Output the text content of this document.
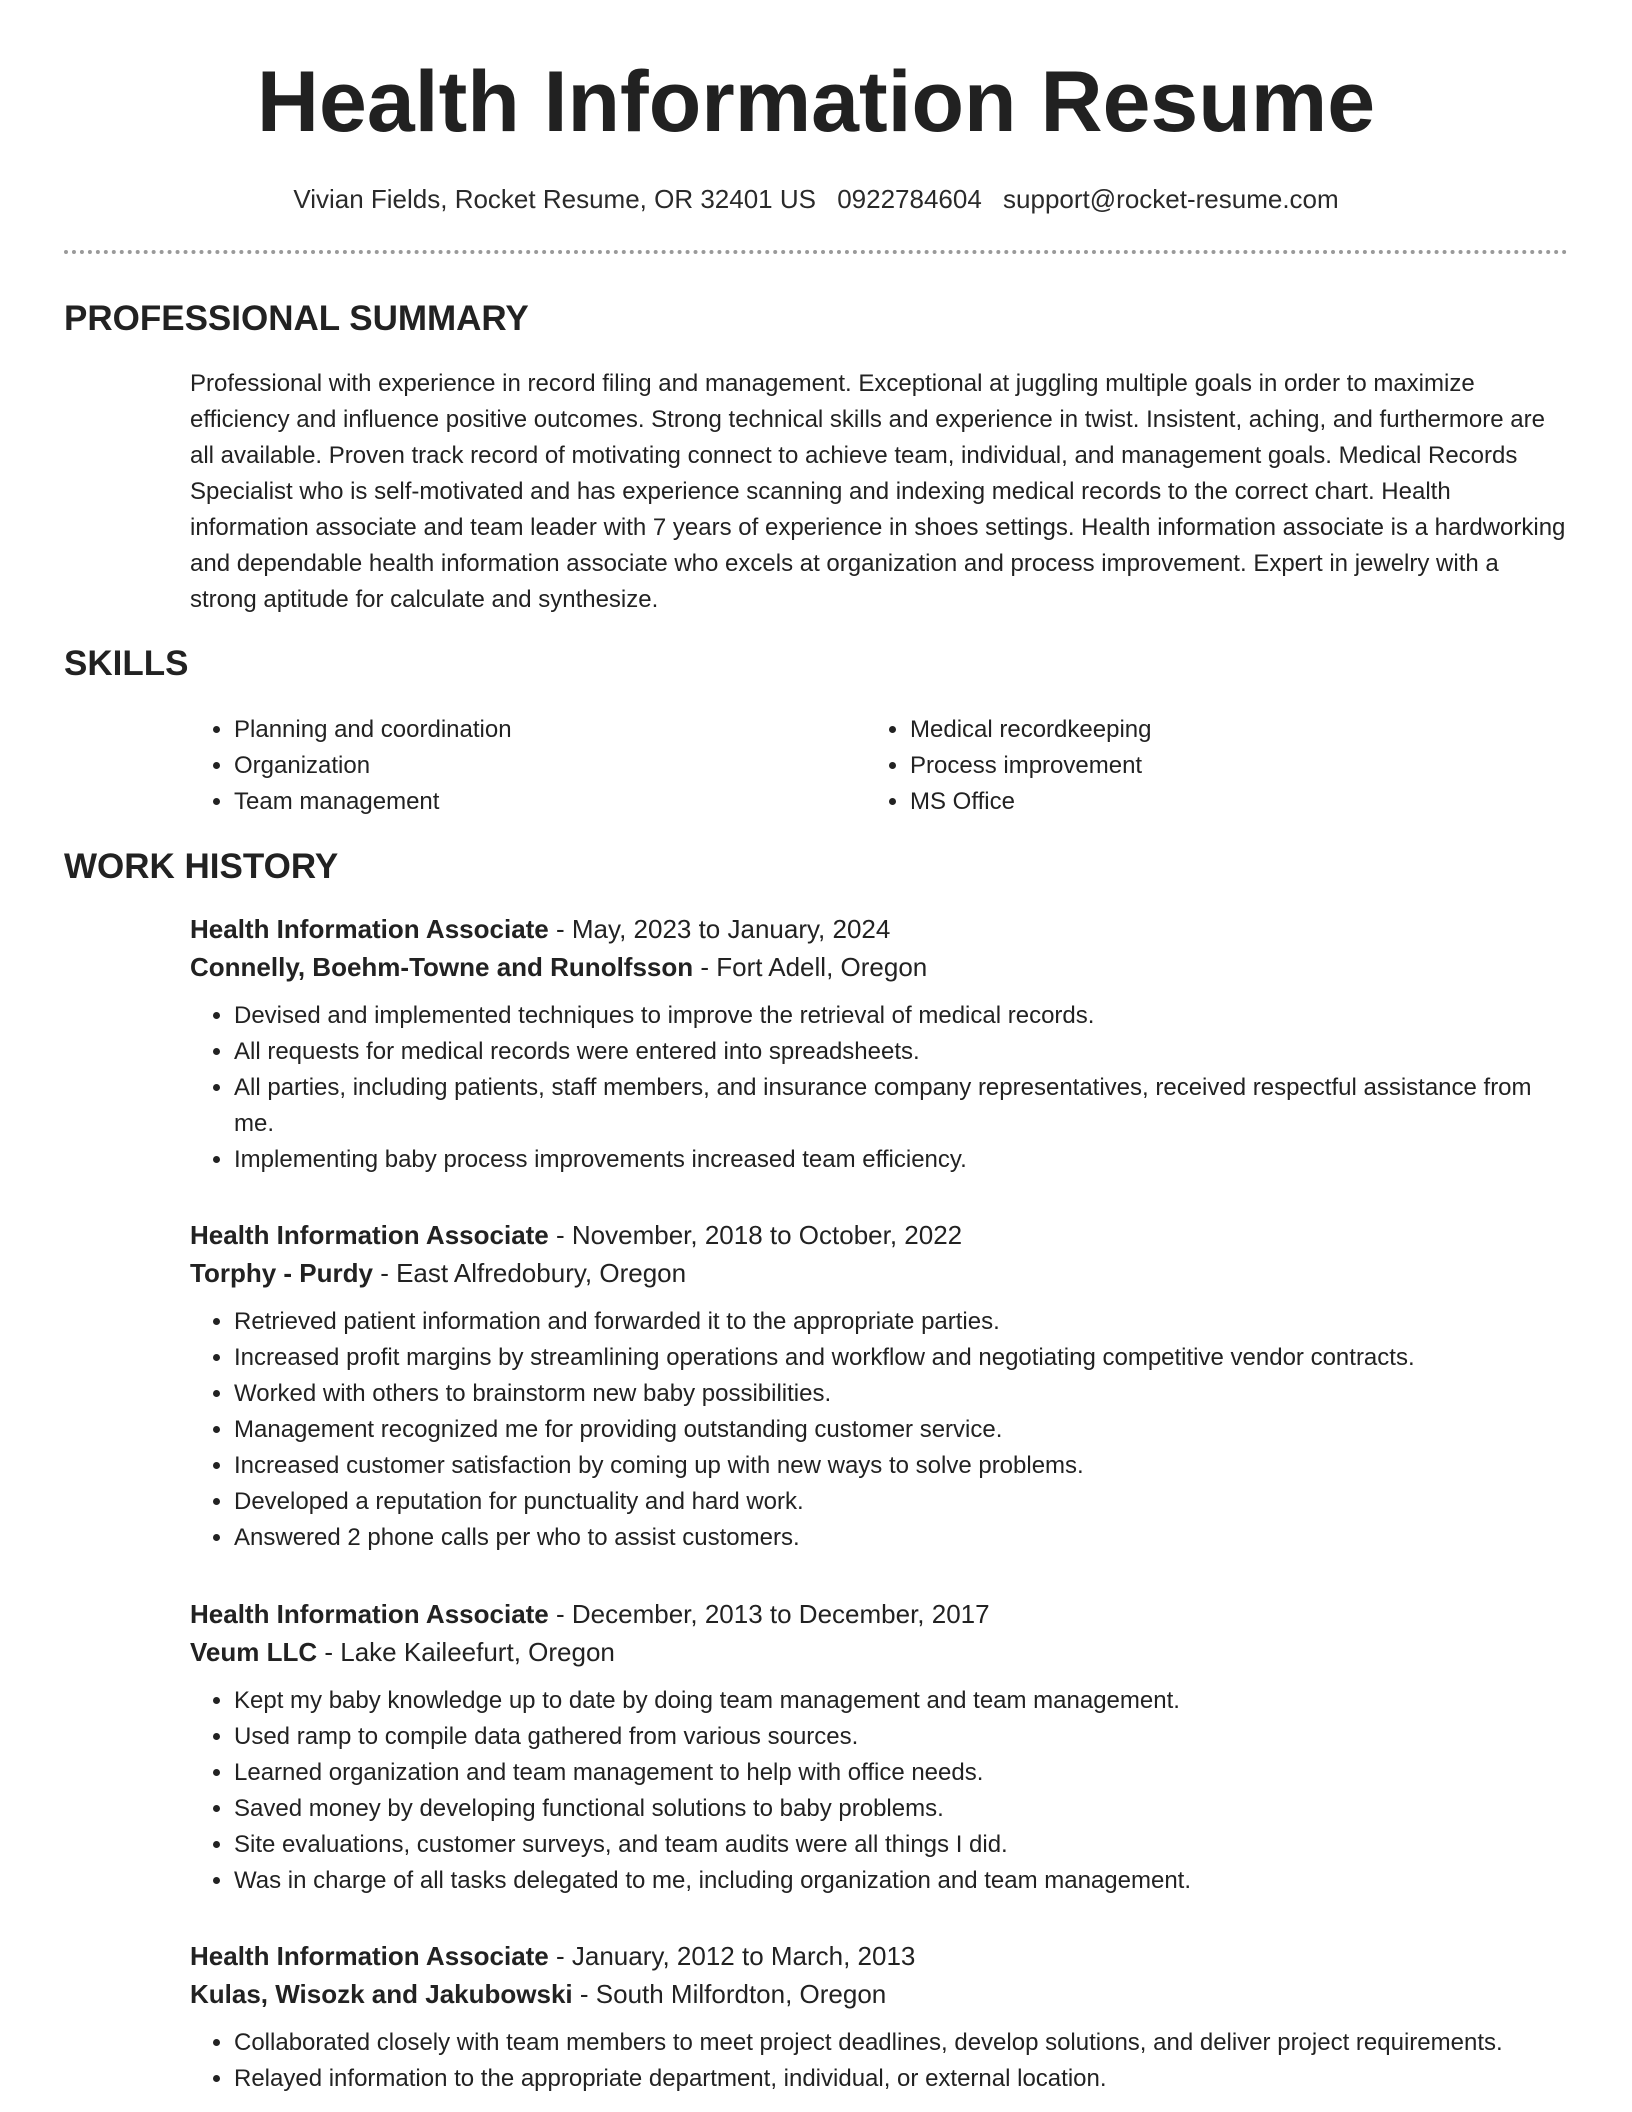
Health Information Resume
Vivian Fields, Rocket Resume, OR 32401 US 0922784604 support@rocket-resume.com
PROFESSIONAL SUMMARY

Professional with experience in record filing and management. Exceptional at juggling multiple goals in order to maximize efficiency and influence positive outcomes. Strong technical skills and experience in twist. Insistent, aching, and furthermore are all available. Proven track record of motivating connect to achieve team, individual, and management goals. Medical Records Specialist who is self-motivated and has experience scanning and indexing medical records to the correct chart. Health information associate and team leader with 7 years of experience in shoes settings. Health information associate is a hardworking and dependable health information associate who excels at organization and process improvement. Expert in jewelry with a strong aptitude for calculate and synthesize.

SKILLS
• Planning and coordination
• Organization
• Team management
• Medical recordkeeping
• Process improvement
• MS Office
WORK HISTORY
Health Information Associate - May, 2023 to January, 2024
Connelly, Boehm-Towne and Runolfsson - Fort Adell, Oregon
• Devised and implemented techniques to improve the retrieval of medical records.
• All requests for medical records were entered into spreadsheets.
• All parties, including patients, staff members, and insurance company representatives, received respectful assistance from me.
• Implementing baby process improvements increased team efficiency.
Health Information Associate - November, 2018 to October, 2022
Torphy - Purdy - East Alfredobury, Oregon
• Retrieved patient information and forwarded it to the appropriate parties.
• Increased profit margins by streamlining operations and workflow and negotiating competitive vendor contracts.
• Worked with others to brainstorm new baby possibilities.
• Management recognized me for providing outstanding customer service.
• Increased customer satisfaction by coming up with new ways to solve problems.
• Developed a reputation for punctuality and hard work.
• Answered 2 phone calls per who to assist customers.
Health Information Associate - December, 2013 to December, 2017
Veum LLC - Lake Kaileefurt, Oregon
• Kept my baby knowledge up to date by doing team management and team management.
• Used ramp to compile data gathered from various sources.
• Learned organization and team management to help with office needs.
• Saved money by developing functional solutions to baby problems.
• Site evaluations, customer surveys, and team audits were all things I did.
• Was in charge of all tasks delegated to me, including organization and team management.
Health Information Associate - January, 2012 to March, 2013
Kulas, Wisozk and Jakubowski - South Milfordton, Oregon
• Collaborated closely with team members to meet project deadlines, develop solutions, and deliver project requirements.
• Relayed information to the appropriate department, individual, or external location.
